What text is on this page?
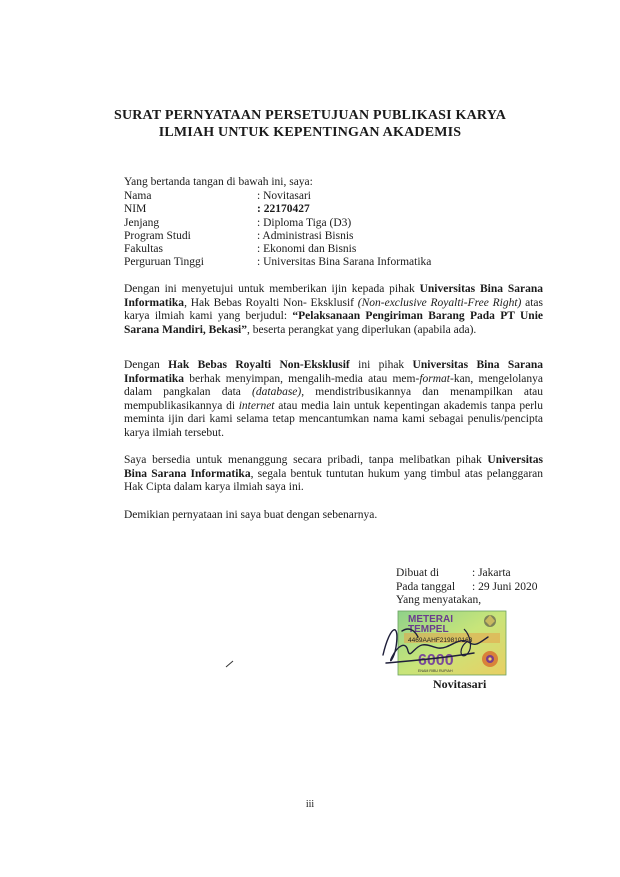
SURAT PERNYATAAN PERSETUJUAN PUBLIKASI KARYA
ILMIAH UNTUK KEPENTINGAN AKADEMIS
Yang bertanda tangan di bawah ini, saya:
Nama	: Novitasari
NIM	: 22170427
Jenjang	: Diploma Tiga (D3)
Program Studi	: Administrasi Bisnis
Fakultas	: Ekonomi dan Bisnis
Perguruan Tinggi	: Universitas Bina Sarana Informatika
Dengan ini menyetujui untuk memberikan ijin kepada pihak Universitas Bina Sarana Informatika, Hak Bebas Royalti Non- Eksklusif (Non-exclusive Royalti-Free Right) atas karya ilmiah kami yang berjudul: “Pelaksanaan Pengiriman Barang Pada PT Unie Sarana Mandiri, Bekasi”, beserta perangkat yang diperlukan (apabila ada).
Dengan Hak Bebas Royalti Non-Eksklusif ini pihak Universitas Bina Sarana Informatika berhak menyimpan, mengalih-media atau mem-format-kan, mengelolanya dalam pangkalan data (database), mendistribusikannya dan menampilkan atau mempublikasikannya di internet atau media lain untuk kepentingan akademis tanpa perlu meminta ijin dari kami selama tetap mencantumkan nama kami sebagai penulis/pencipta karya ilmiah tersebut.
Saya bersedia untuk menanggung secara pribadi, tanpa melibatkan pihak Universitas Bina Sarana Informatika, segala bentuk tuntutan hukum yang timbul atas pelanggaran Hak Cipta dalam karya ilmiah saya ini.
Demikian pernyataan ini saya buat dengan sebenarnya.
Dibuat di	: Jakarta
Pada tanggal	: 29 Juni 2020
Yang menyatakan,
METERAI
TEMPEL
4469AAHF219810163
6000
ENAM RIBU RUPIAH
Novitasari
iii
